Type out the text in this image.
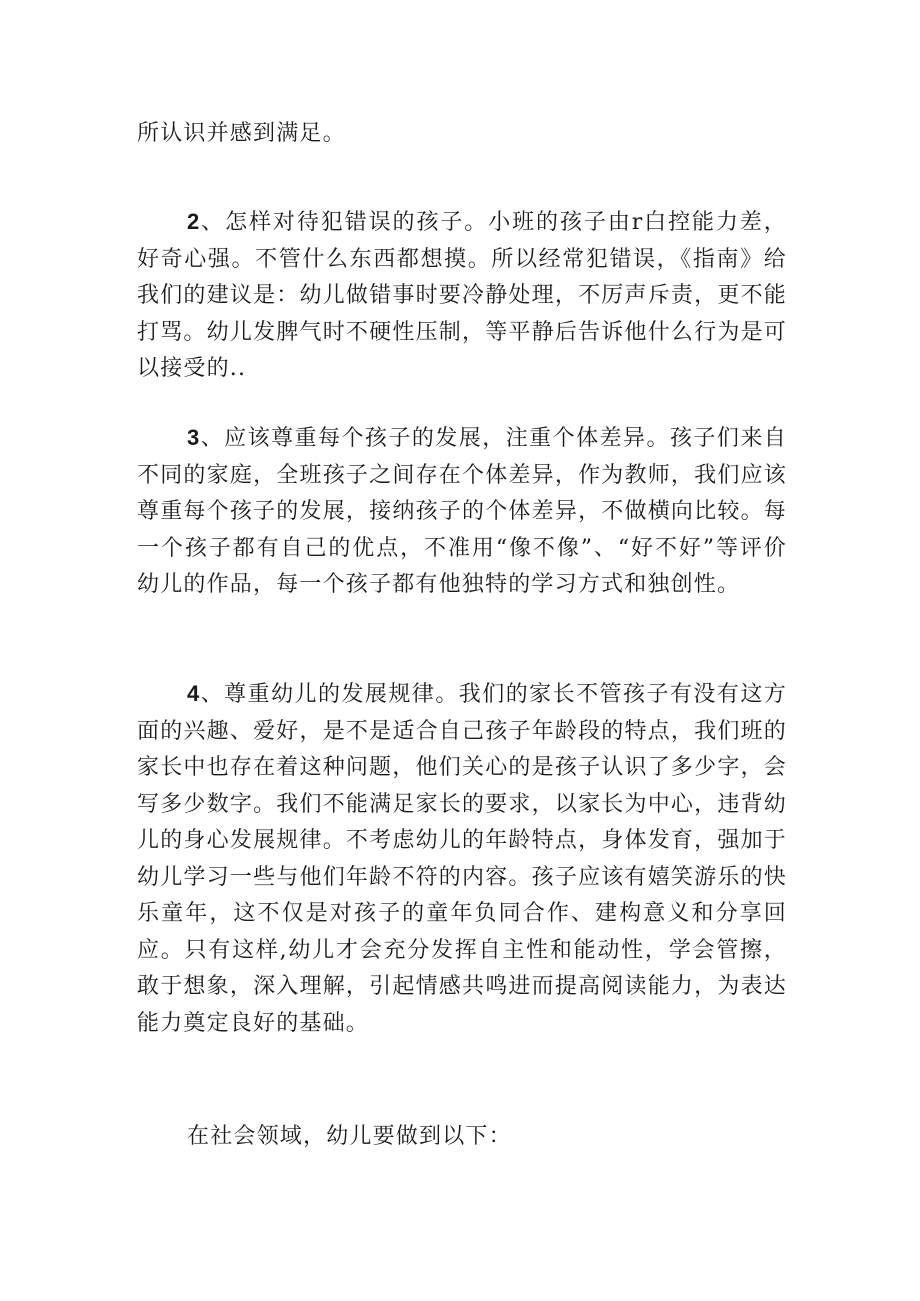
所认识并感到满足。

2、怎样对待犯错误的孩子。小班的孩子由r白控能力差，好奇心强。不管什么东西都想摸。所以经常犯错误，《指南》给我们的建议是：幼儿做错事时要冷静处理，不厉声斥责，更不能打骂。幼儿发脾气时不硬性压制，等平静后告诉他什么行为是可以接受的..

3、应该尊重每个孩子的发展，注重个体差异。孩子们来自不同的家庭，全班孩子之间存在个体差异，作为教师，我们应该尊重每个孩子的发展，接纳孩子的个体差异，不做横向比较。每一个孩子都有自己的优点，不准用“像不像”、“好不好”等评价幼儿的作品，每一个孩子都有他独特的学习方式和独创性。

4、尊重幼儿的发展规律。我们的家长不管孩子有没有这方面的兴趣、爱好，是不是适合自己孩子年龄段的特点，我们班的家长中也存在着这种问题，他们关心的是孩子认识了多少字，会写多少数字。我们不能满足家长的要求，以家长为中心，违背幼儿的身心发展规律。不考虑幼儿的年龄特点，身体发育，强加于幼儿学习一些与他们年龄不符的内容。孩子应该有嬉笑游乐的快乐童年，这不仅是对孩子的童年负同合作、建构意义和分享回应。只有这样,幼儿才会充分发挥自主性和能动性，学会管擦，敢于想象，深入理解，引起情感共鸣进而提高阅读能力，为表达能力奠定良好的基础。

在社会领域，幼儿要做到以下：
